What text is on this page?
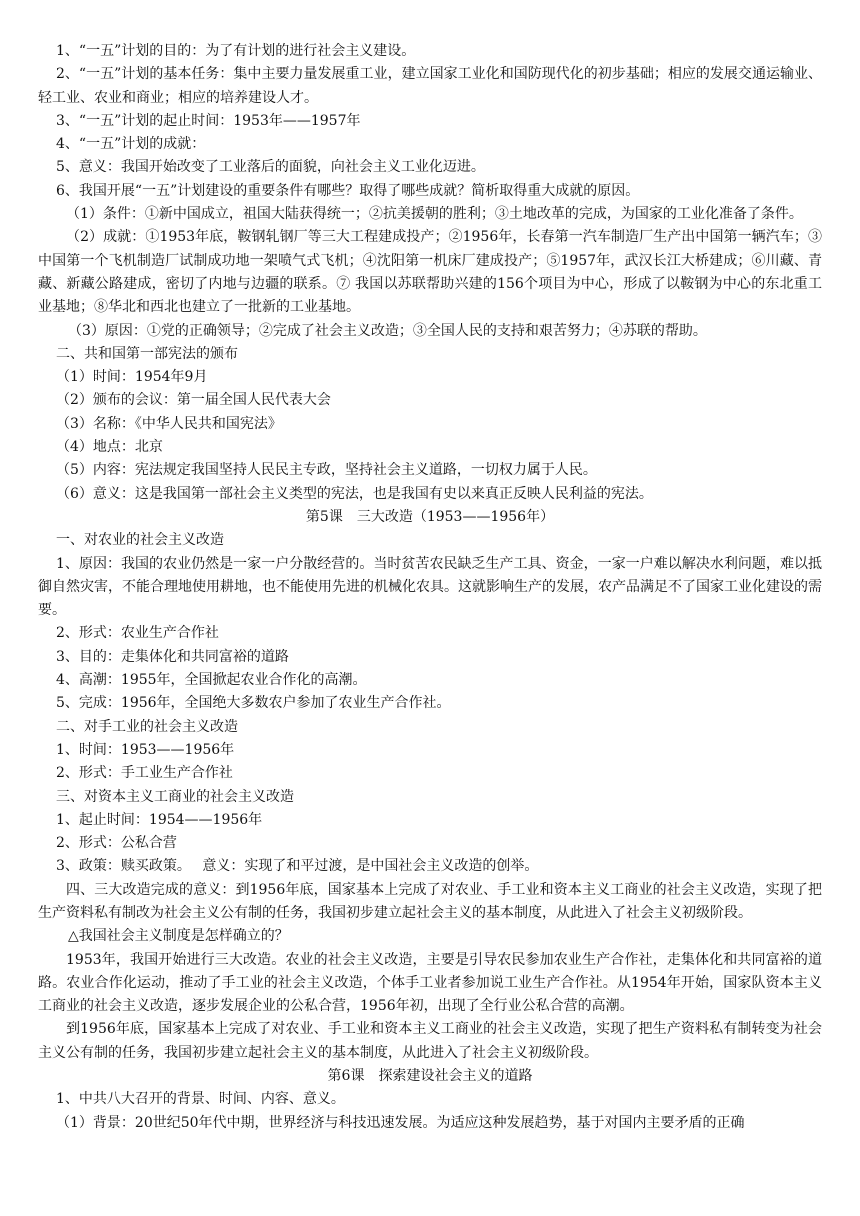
1、“一五”计划的目的：为了有计划的进行社会主义建设。

2、“一五”计划的基本任务：集中主要力量发展重工业，建立国家工业化和国防现代化的初步基础；相应的发展交通运输业、轻工业、农业和商业；相应的培养建设人才。

3、“一五”计划的起止时间：1953年——1957年

4、“一五”计划的成就：

5、意义：我国开始改变了工业落后的面貌，向社会主义工业化迈进。

6、我国开展“一五”计划建设的重要条件有哪些？取得了哪些成就？简析取得重大成就的原因。

（1）条件：①新中国成立，祖国大陆获得统一；②抗美援朝的胜利；③土地改革的完成，为国家的工业化准备了条件。

（2）成就：①1953年底，鞍钢轧钢厂等三大工程建成投产；②1956年，长春第一汽车制造厂生产出中国第一辆汽车；③中国第一个飞机制造厂试制成功地一架喷气式飞机；④沈阳第一机床厂建成投产；⑤1957年，武汉长江大桥建成；⑥川藏、青藏、新藏公路建成，密切了内地与边疆的联系。⑦ 我国以苏联帮助兴建的156个项目为中心，形成了以鞍钢为中心的东北重工业基地；⑧华北和西北也建立了一批新的工业基地。

（3）原因：①党的正确领导；②完成了社会主义改造；③全国人民的支持和艰苦努力；④苏联的帮助。

二、共和国第一部宪法的颁布

（1）时间：1954年9月

（2）颁布的会议：第一届全国人民代表大会

（3）名称：《中华人民共和国宪法》

（4）地点：北京

（5）内容：宪法规定我国坚持人民民主专政，坚持社会主义道路，一切权力属于人民。

（6）意义：这是我国第一部社会主义类型的宪法，也是我国有史以来真正反映人民利益的宪法。

第5课　三大改造（1953——1956年）

一、对农业的社会主义改造

1、原因：我国的农业仍然是一家一户分散经营的。当时贫苦农民缺乏生产工具、资金，一家一户难以解决水利问题，难以抵御自然灾害，不能合理地使用耕地，也不能使用先进的机械化农具。这就影响生产的发展，农产品满足不了国家工业化建设的需要。

2、形式：农业生产合作社

3、目的：走集体化和共同富裕的道路

4、高潮：1955年，全国掀起农业合作化的高潮。

5、完成：1956年，全国绝大多数农户参加了农业生产合作社。

二、对手工业的社会主义改造

1、时间：1953——1956年

2、形式：手工业生产合作社

三、对资本主义工商业的社会主义改造

1、起止时间：1954——1956年

2、形式：公私合营

3、政策：赎买政策。　 意义：实现了和平过渡，是中国社会主义改造的创举。

四、三大改造完成的意义：到1956年底，国家基本上完成了对农业、手工业和资本主义工商业的社会主义改造，实现了把生产资料私有制改为社会主义公有制的任务，我国初步建立起社会主义的基本制度，从此进入了社会主义初级阶段。

△我国社会主义制度是怎样确立的？

1953年，我国开始进行三大改造。农业的社会主义改造，主要是引导农民参加农业生产合作社，走集体化和共同富裕的道路。农业合作化运动，推动了手工业的社会主义改造，个体手工业者参加说工业生产合作社。从1954年开始，国家队资本主义工商业的社会主义改造，逐步发展企业的公私合营，1956年初，出现了全行业公私合营的高潮。

到1956年底，国家基本上完成了对农业、手工业和资本主义工商业的社会主义改造，实现了把生产资料私有制转变为社会主义公有制的任务，我国初步建立起社会主义的基本制度，从此进入了社会主义初级阶段。

第6课　探索建设社会主义的道路

1、中共八大召开的背景、时间、内容、意义。

（1）背景：20世纪50年代中期，世界经济与科技迅速发展。为适应这种发展趋势，基于对国内主要矛盾的正确
